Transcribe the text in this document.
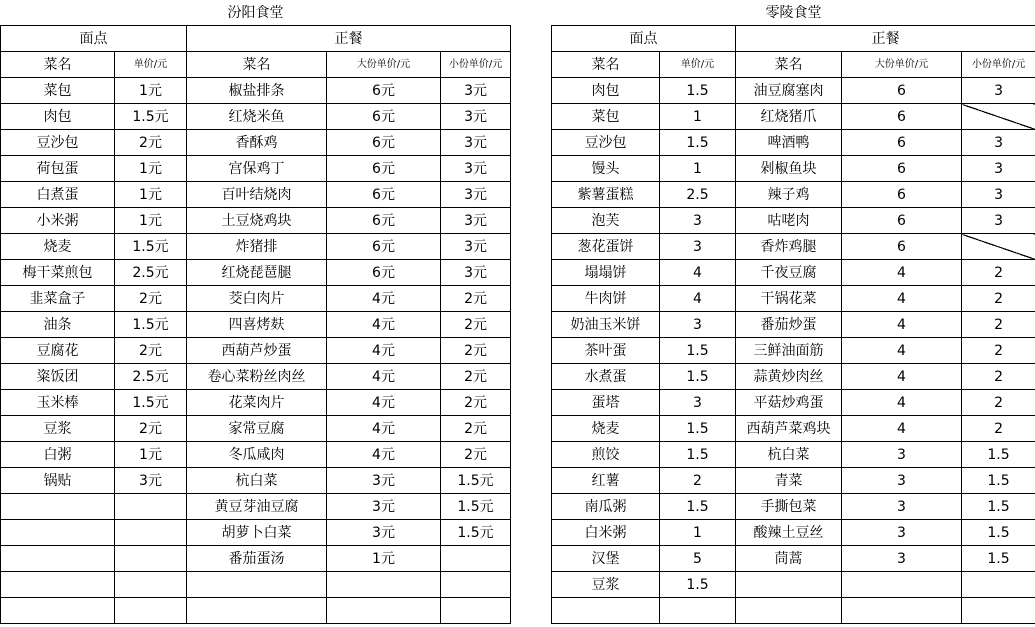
汾阳食堂				
面点		正餐		
菜名	单价/元	菜名	大份单价/元	小份单价/元
菜包	1元	椒盐排条	6元	3元
肉包	1.5元	红烧米鱼	6元	3元
豆沙包	2元	香酥鸡	6元	3元
荷包蛋	1元	宫保鸡丁	6元	3元
白煮蛋	1元	百叶结烧肉	6元	3元
小米粥	1元	土豆烧鸡块	6元	3元
烧麦	1.5元	炸猪排	6元	3元
梅干菜煎包	2.5元	红烧琵琶腿	6元	3元
韭菜盒子	2元	茭白肉片	4元	2元
油条	1.5元	四喜烤麸	4元	2元
豆腐花	2元	西葫芦炒蛋	4元	2元
粢饭团	2.5元	卷心菜粉丝肉丝	4元	2元
玉米棒	1.5元	花菜肉片	4元	2元
豆浆	2元	家常豆腐	4元	2元
白粥	1元	冬瓜咸肉	4元	2元
锅贴	3元	杭白菜	3元	1.5元
		黄豆芽油豆腐	3元	1.5元
		胡萝卜白菜	3元	1.5元
		番茄蛋汤	1元	

零陵食堂				
面点		正餐		
菜名	单价/元	菜名	大份单价/元	小份单价/元
肉包	1.5	油豆腐塞肉	6	3
菜包	1	红烧猪爪	6	
豆沙包	1.5	啤酒鸭	6	3
馒头	1	剁椒鱼块	6	3
紫薯蛋糕	2.5	辣子鸡	6	3
泡芙	3	咕咾肉	6	3
葱花蛋饼	3	香炸鸡腿	6	
塌塌饼	4	千夜豆腐	4	2
牛肉饼	4	干锅花菜	4	2
奶油玉米饼	3	番茄炒蛋	4	2
茶叶蛋	1.5	三鲜油面筋	4	2
水煮蛋	1.5	蒜黄炒肉丝	4	2
蛋塔	3	平菇炒鸡蛋	4	2
烧麦	1.5	西葫芦菜鸡块	4	2
煎饺	1.5	杭白菜	3	1.5
红薯	2	青菜	3	1.5
南瓜粥	1.5	手撕包菜	3	1.5
白米粥	1	酸辣土豆丝	3	1.5
汉堡	5	茼蒿	3	1.5
豆浆	1.5			
